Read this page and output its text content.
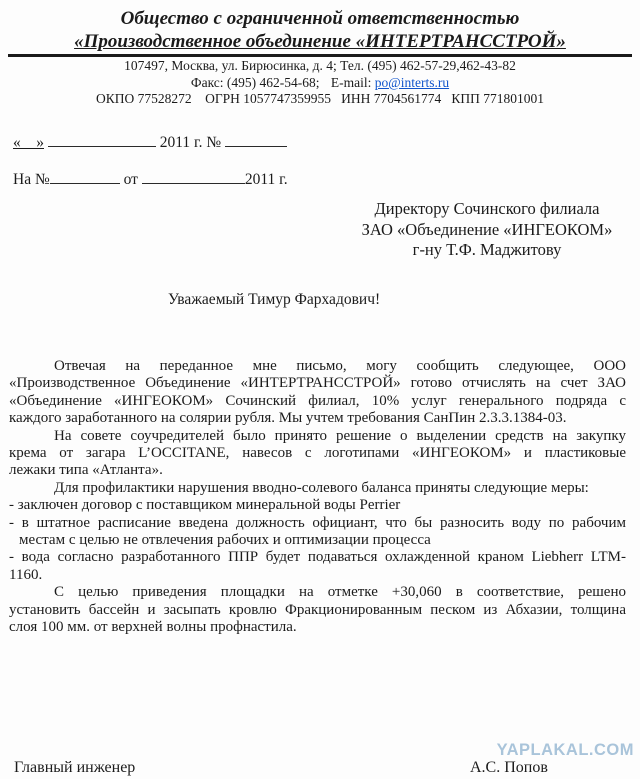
Общество с ограниченной ответственностью
«Производственное объединение «ИНТЕРТРАНССТРОЙ»
107497, Москва, ул. Бирюсинка, д. 4; Тел. (495) 462-57-29,462-43-82
Факс: (495) 462-54-68; E-mail: po@interts.ru
ОКПО 77528272    ОГРН 1057747359955   ИНН 7704561774   КПП 771801001
«    »	2011 г. №
На №	от	2011 г.
Директору Сочинского филиала
ЗАО «Объединение «ИНГЕОКОМ»
г-ну Т.Ф. Маджитову
Уважаемый Тимур Фархадович!
Отвечая на переданное мне письмо, могу сообщить следующее, ООО
«Производственное Объединение «ИНТЕРТРАНССТРОЙ» готово отчислять на счет ЗАО
«Объединение «ИНГЕОКОМ» Сочинский филиал, 10% услуг генерального подряда с
каждого заработанного на солярии рубля. Мы учтем требования СанПин 2.3.3.1384-03.
На совете соучредителей было принято решение о выделении средств на закупку
крема от загара L’OCCITANE, навесов с логотипами «ИНГЕОКОМ» и пластиковые
лежаки типа «Атланта».
Для профилактики нарушения вводно-солевого баланса приняты следующие меры:
- заключен договор с поставщиком минеральной воды Perrier
- в штатное расписание введена должность официант, что бы разносить воду по рабочим
местам с целью не отвлечения рабочих и оптимизации процесса
- вода согласно разработанного ППР будет подаваться охлажденной краном Liebherr LTM-
1160.
С целью приведения площадки на отметке +30,060 в соответствие, решено
установить бассейн и засыпать кровлю Фракционированным песком из Абхазии, толщина
слоя 100 мм. от верхней волны профнастила.
YAPLAKAL.COM
Главный инженер	А.С. Попов
